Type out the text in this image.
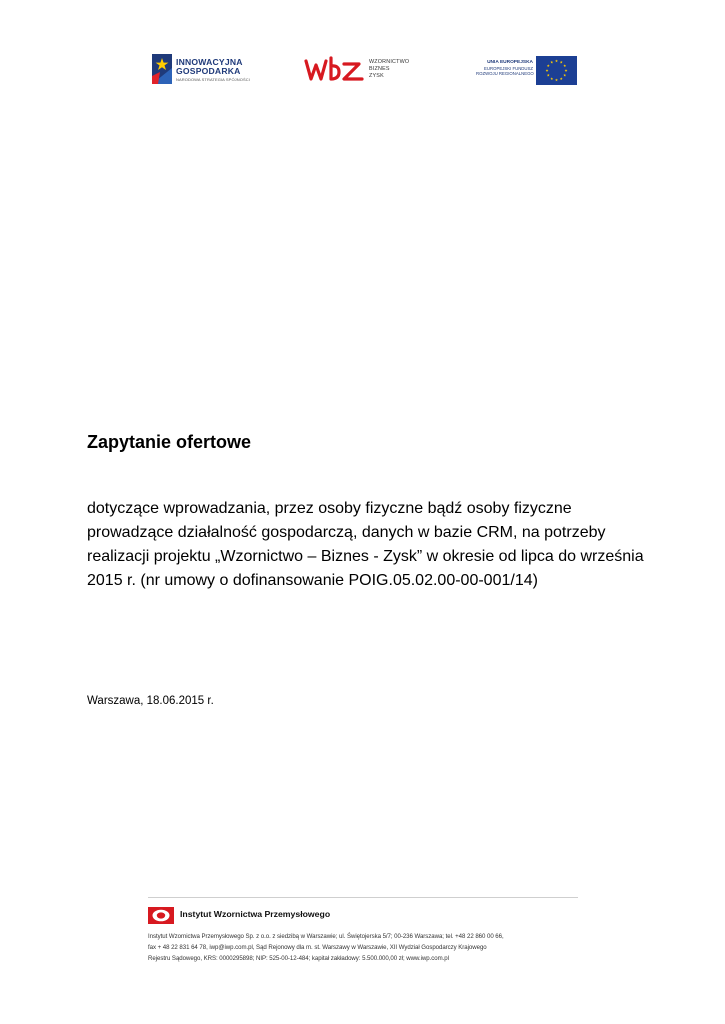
INNOWACYJNA
GOSPODARKA
NARODOWA STRATEGIA SPÓJNOŚCI
WZORNICTWO
BIZNES
ZYSK
UNIA EUROPEJSKA
EUROPEJSKI FUNDUSZ
ROZWOJU REGIONALNEGO
Zapytanie ofertowe

dotyczące wprowadzania, przez osoby fizyczne bądź osoby fizyczne prowadzące działalność gospodarczą, danych w bazie CRM, na potrzeby realizacji projektu „Wzornictwo – Biznes - Zysk” w okresie od lipca do września 2015 r. (nr umowy o dofinansowanie POIG.05.02.00-00-001/14)

Warszawa, 18.06.2015 r.

Instytut Wzornictwa Przemysłowego
Instytut Wzornictwa Przemysłowego Sp. z o.o. z siedzibą w Warszawie; ul. Świętojerska 5/7; 00-236 Warszawa; tel. +48 22 860 00 66,
fax + 48 22 831 64 78, iwp@iwp.com.pl, Sąd Rejonowy dla m. st. Warszawy w Warszawie, XII Wydział Gospodarczy Krajowego
Rejestru Sądowego, KRS: 0000295898; NIP: 525-00-12-484; kapitał zakładowy: 5.500.000,00 zł; www.iwp.com.pl
